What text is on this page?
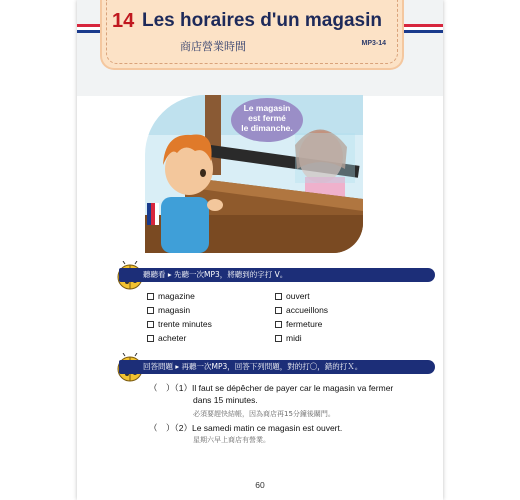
14 Les horaires d'un magasin
商店營業時間	MP3-14
Le magasin
est fermé
le dimanche.
聽聽看 ▸ 先聽一次MP3，將聽到的字打 V。
magazine	ouvert
magasin	accueillons
trente minutes	fermeture
acheter	midi
回答問題 ▸ 再聽一次MP3，回答下列問題，對的打〇，錯的打Ｘ。
（　）（1）Il faut se dépêcher de payer car le magasin va fermer
dans 15 minutes.
必須要趕快結帳，因為商店再15分鐘後關門。
（　）（2）Le samedi matin ce magasin est ouvert.
星期六早上商店有營業。
60
